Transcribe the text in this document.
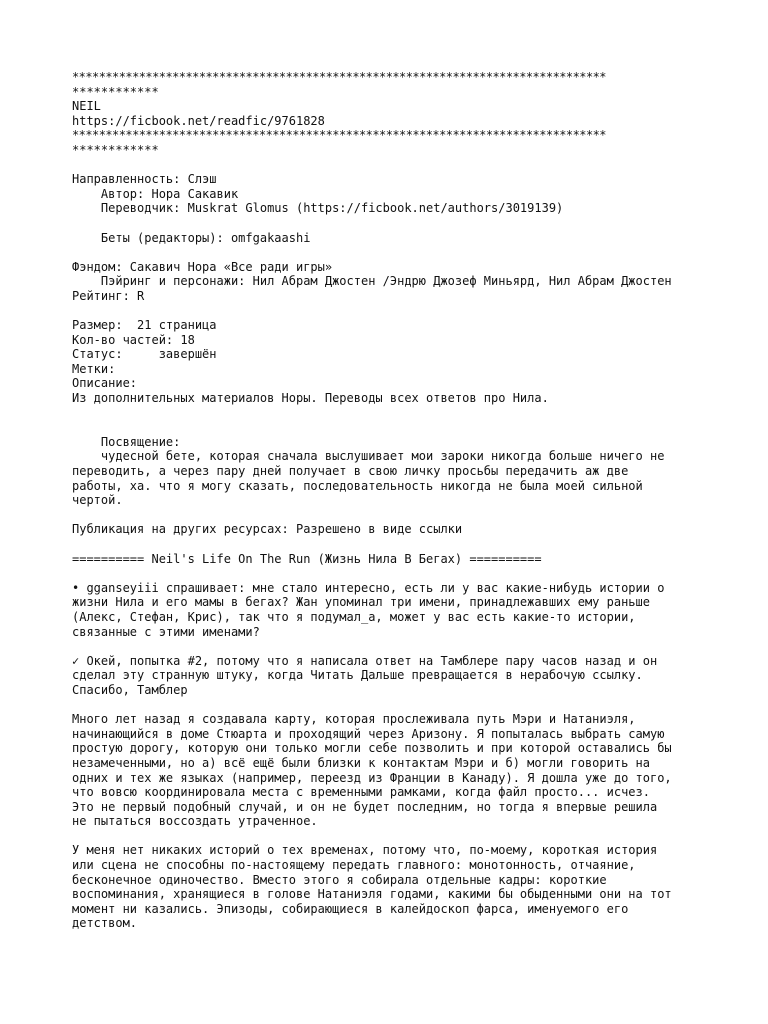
********************************************************************************
************
NEIL
https://ficbook.net/readfic/9761828
********************************************************************************
************
Направленность: Слэш
Автор: Нора Сакавик
Переводчик: Muskrat Glomus (https://ficbook.net/authors/3019139)
Беты (редакторы): omfgakaashi
Фэндом: Сакавич Нора «Все ради игры»
Пэйринг и персонажи: Нил Абрам Джостен /Эндрю Джозеф Миньярд, Нил Абрам Джостен
Рейтинг: R
Размер:  21 страница
Кол-во частей: 18
Статус:     завершён
Метки:
Описание:
Из дополнительных материалов Норы. Переводы всех ответов про Нила.
Посвящение:
чудесной бете, которая сначала выслушивает мои зароки никогда больше ничего не
переводить, а через пару дней получает в свою личку просьбы передачить аж две
работы, ха. что я могу сказать, последовательность никогда не была моей сильной
чертой.
Публикация на других ресурсах: Разрешено в виде ссылки
========== Neil's Life On The Run (Жизнь Нила В Бегах) ==========
• gganseyiii спрашивает: мне стало интересно, есть ли у вас какие-нибудь истории о
жизни Нила и его мамы в бегах? Жан упоминал три имени, принадлежавших ему раньше
(Алекс, Стефан, Крис), так что я подумал_а, может у вас есть какие-то истории,
связанные с этими именами?
✓ Окей, попытка #2, потому что я написала ответ на Тамблере пару часов назад и он
сделал эту странную штуку, когда Читать Дальше превращается в нерабочую ссылку.
Спасибо, Тамблер
Много лет назад я создавала карту, которая прослеживала путь Мэри и Натаниэля,
начинающийся в доме Стюарта и проходящий через Аризону. Я попыталась выбрать самую
простую дорогу, которую они только могли себе позволить и при которой оставались бы
незамеченными, но а) всё ещё были близки к контактам Мэри и б) могли говорить на
одних и тех же языках (например, переезд из Франции в Канаду). Я дошла уже до того,
что вовсю координировала места с временными рамками, когда файл просто... исчез.
Это не первый подобный случай, и он не будет последним, но тогда я впервые решила
не пытаться воссоздать утраченное.
У меня нет никаких историй о тех временах, потому что, по-моему, короткая история
или сцена не способны по-настоящему передать главного: монотонность, отчаяние,
бесконечное одиночество. Вместо этого я собирала отдельные кадры: короткие
воспоминания, хранящиеся в голове Натаниэля годами, какими бы обыденными они на тот
момент ни казались. Эпизоды, собирающиеся в калейдоскоп фарса, именуемого его
детством.
